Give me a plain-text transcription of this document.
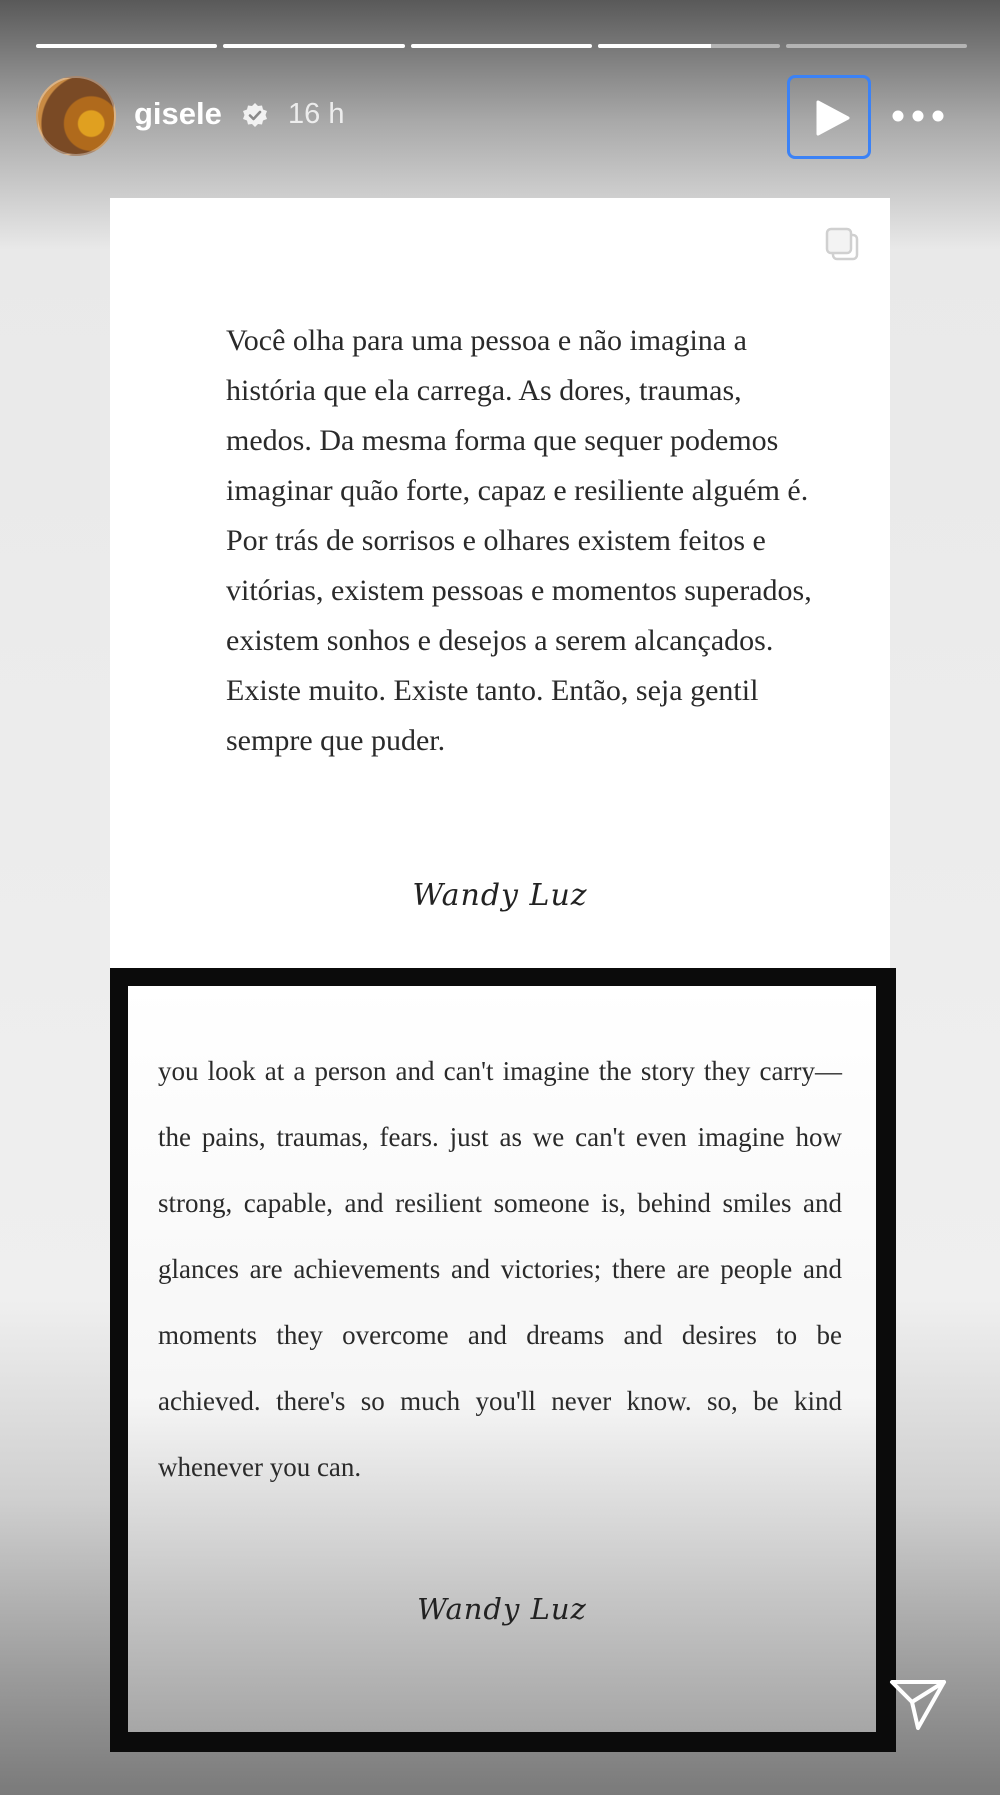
gisele 16 h

Você olha para uma pessoa e não imagina a história que ela carrega. As dores, traumas, medos. Da mesma forma que sequer podemos imaginar quão forte, capaz e resiliente alguém é. Por trás de sorrisos e olhares existem feitos e vitórias, existem pessoas e momentos superados, existem sonhos e desejos a serem alcançados. Existe muito. Existe tanto. Então, seja gentil sempre que puder.

Wandy Luz

you look at a person and can't imagine the story they carry—the pains, traumas, fears. just as we can't even imagine how strong, capable, and resilient someone is, behind smiles and glances are achievements and victories; there are people and moments they overcome and dreams and desires to be achieved. there's so much you'll never know. so, be kind whenever you can.

Wandy Luz
